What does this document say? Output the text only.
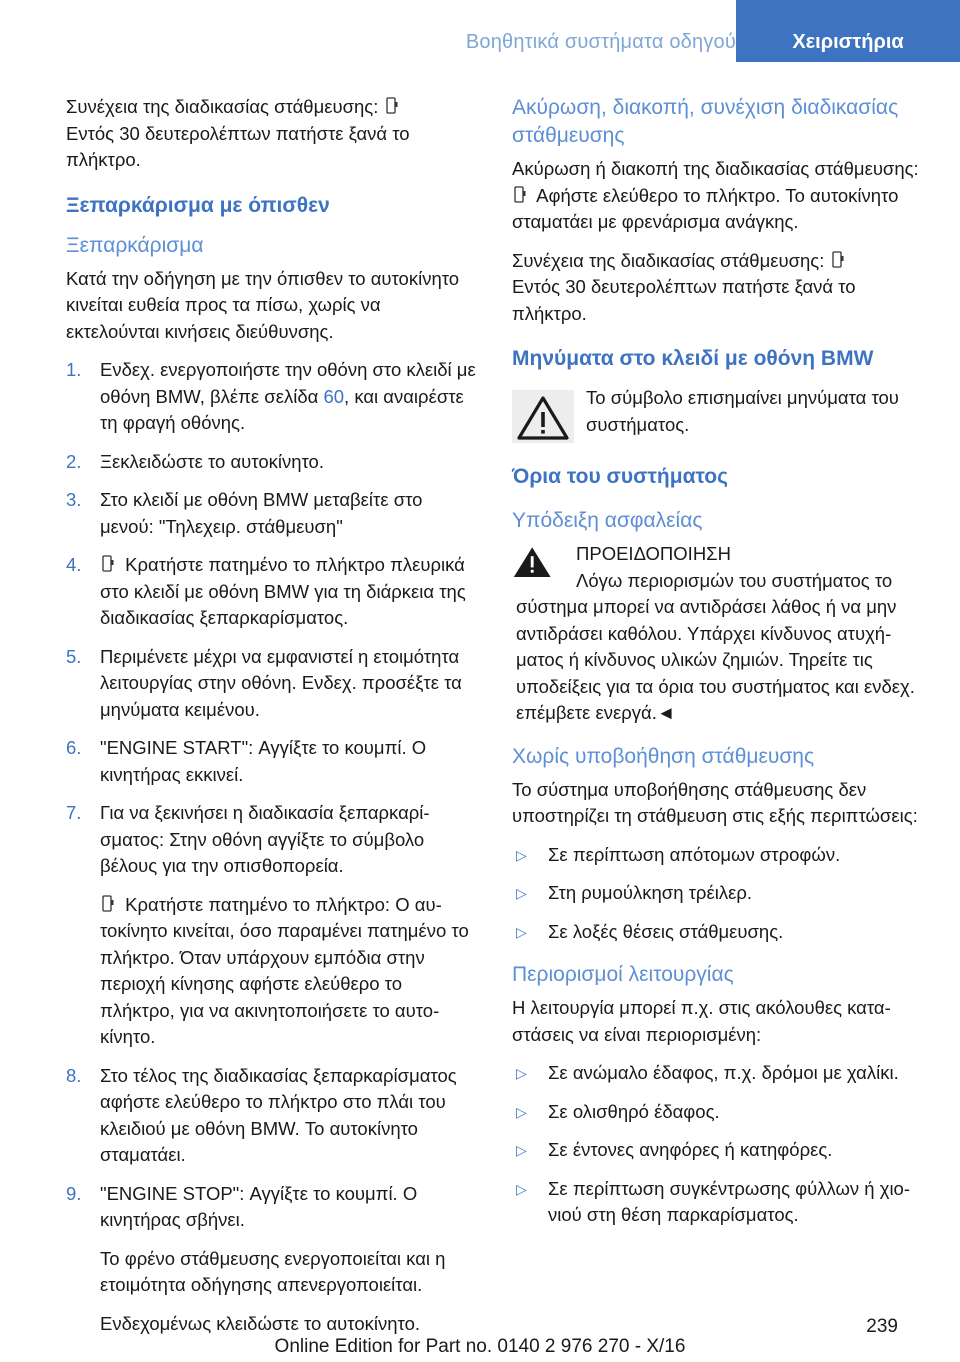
Βοηθητικά συστήματα οδηγού	Χειριστήρια

Συνέχεια της διαδικασίας στάθμευσης:
Εντός 30 δευτερολέπτων πατήστε ξανά το πλήκτρο.

Ξεπαρκάρισμα με όπισθεν
Ξεπαρκάρισμα

Κατά την οδήγηση με την όπισθεν το αυτοκίνητο κινείται ευθεία προς τα πίσω, χωρίς να εκτελούνται κινήσεις διεύθυνσης.

1. Ενδεχ. ενεργοποιήστε την οθόνη στο κλειδί με οθόνη BMW, βλέπε σελίδα 60, και αναιρέστε τη φραγή οθόνης.
2. Ξεκλειδώστε το αυτοκίνητο.
3. Στο κλειδί με οθόνη BMW μεταβείτε στο μενού: "Τηλεχειρ. στάθμευση"
4. Κρατήστε πατημένο το πλήκτρο πλευρικά στο κλειδί με οθόνη BMW για τη διάρκεια της διαδικασίας ξεπαρκαρίσματος.
5. Περιμένετε μέχρι να εμφανιστεί η ετοιμότητα λειτουργίας στην οθόνη. Ενδεχ. προσέξτε τα μηνύματα κειμένου.
6. "ENGINE START": Αγγίξτε το κουμπί. Ο κινητήρας εκκινεί.
7. Για να ξεκινήσει η διαδικασία ξεπαρκαρίσματος: Στην οθόνη αγγίξτε το σύμβολο βέλους για την οπισθοπορεία.
Κρατήστε πατημένο το πλήκτρο: Ο αυτοκίνητο κινείται, όσο παραμένει πατημένο το πλήκτρο. Όταν υπάρχουν εμπόδια στην περιοχή κίνησης αφήστε ελεύθερο το πλήκτρο, για να ακινητοποιήσετε το αυτοκίνητο.
8. Στο τέλος της διαδικασίας ξεπαρκαρίσματος αφήστε ελεύθερο το πλήκτρο στο πλάι του κλειδιού με οθόνη BMW. Το αυτοκίνητο σταματάει.
9. "ENGINE STOP": Αγγίξτε το κουμπί. Ο κινητήρας σβήνει.
Το φρένο στάθμευσης ενεργοποιείται και η ετοιμότητα οδήγησης απενεργοποιείται.
Ενδεχομένως κλειδώστε το αυτοκίνητο.
Ακύρωση, διακοπή, συνέχιση διαδικασίας στάθμευσης

Ακύρωση ή διακοπή της διαδικασίας στάθμευσης:  Αφήστε ελεύθερο το πλήκτρο. Το αυτοκίνητο σταματάει με φρενάρισμα ανάγκης.

Συνέχεια της διαδικασίας στάθμευσης:
Εντός 30 δευτερολέπτων πατήστε ξανά το πλήκτρο.

Μηνύματα στο κλειδί με οθόνη BMW
Το σύμβολο επισημαίνει μηνύματα του συστήματος.
Όρια του συστήματος
Υπόδειξη ασφαλείας
ΠΡΟΕΙΔΟΠΟΙΗΣΗ
Λόγω περιορισμών του συστήματος το σύστημα μπορεί να αντιδράσει λάθος ή να μην αντιδράσει καθόλου. Υπάρχει κίνδυνος ατυχήματος ή κίνδυνος υλικών ζημιών. Τηρείτε τις υποδείξεις για τα όρια του συστήματος και ενδεχ. επέμβετε ενεργά.◄
Χωρίς υποβοήθηση στάθμευσης

Το σύστημα υποβοήθησης στάθμευσης δεν υποστηρίζει τη στάθμευση στις εξής περιπτώσεις:

▷ Σε περίπτωση απότομων στροφών.
▷ Στη ρυμούλκηση τρέιλερ.
▷ Σε λοξές θέσεις στάθμευσης.
Περιορισμοί λειτουργίας

Η λειτουργία μπορεί π.χ. στις ακόλουθες καταστάσεις να είναι περιορισμένη:

▷ Σε ανώμαλο έδαφος, π.χ. δρόμοι με χαλίκι.
▷ Σε ολισθηρό έδαφος.
▷ Σε έντονες ανηφόρες ή κατηφόρες.
▷ Σε περίπτωση συγκέντρωσης φύλλων ή χιονιού στη θέση παρκαρίσματος.
239
Online Edition for Part no. 0140 2 976 270 - X/16
